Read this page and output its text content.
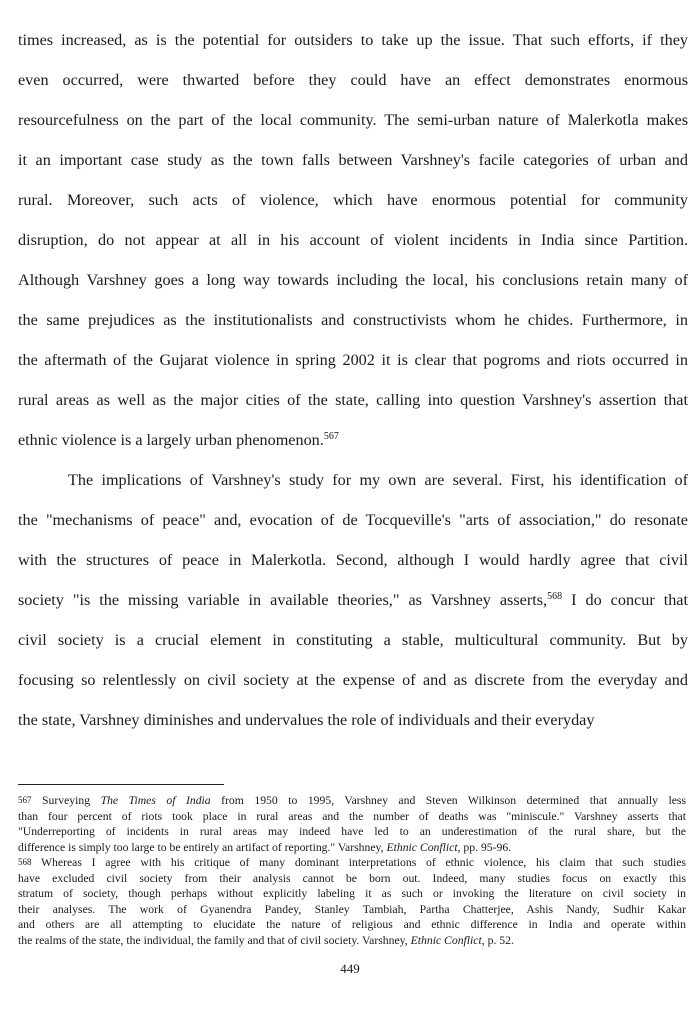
times increased, as is the potential for outsiders to take up the issue. That such efforts, if they
even occurred, were thwarted before they could have an effect demonstrates enormous
resourcefulness on the part of the local community. The semi-urban nature of Malerkotla makes
it an important case study as the town falls between Varshney's facile categories of urban and
rural. Moreover, such acts of violence, which have enormous potential for community
disruption, do not appear at all in his account of violent incidents in India since Partition.
Although Varshney goes a long way towards including the local, his conclusions retain many of
the same prejudices as the institutionalists and constructivists whom he chides. Furthermore, in
the aftermath of the Gujarat violence in spring 2002 it is clear that pogroms and riots occurred in
rural areas as well as the major cities of the state, calling into question Varshney's assertion that
ethnic violence is a largely urban phenomenon.$^{567}$
The implications of Varshney's study for my own are several. First, his identification of
the "mechanisms of peace" and, evocation of de Tocqueville's "arts of association," do resonate
with the structures of peace in Malerkotla. Second, although I would hardly agree that civil
society "is the missing variable in available theories," as Varshney asserts,$^{568}$ I do concur that
civil society is a crucial element in constituting a stable, multicultural community. But by
focusing so relentlessly on civil society at the expense of and as discrete from the everyday and
the state, Varshney diminishes and undervalues the role of individuals and their everyday
567 Surveying The Times of India from 1950 to 1995, Varshney and Steven Wilkinson determined that annually less
than four percent of riots took place in rural areas and the number of deaths was "miniscule." Varshney asserts that
"Underreporting of incidents in rural areas may indeed have led to an underestimation of the rural share, but the
difference is simply too large to be entirely an artifact of reporting." Varshney, Ethnic Conflict, pp. 95-96.
568 Whereas I agree with his critique of many dominant interpretations of ethnic violence, his claim that such studies
have excluded civil society from their analysis cannot be born out. Indeed, many studies focus on exactly this
stratum of society, though perhaps without explicitly labeling it as such or invoking the literature on civil society in
their analyses. The work of Gyanendra Pandey, Stanley Tambiah, Partha Chatterjee, Ashis Nandy, Sudhir Kakar
and others are all attempting to elucidate the nature of religious and ethnic difference in India and operate within
the realms of the state, the individual, the family and that of civil society. Varshney, Ethnic Conflict, p. 52.
449
